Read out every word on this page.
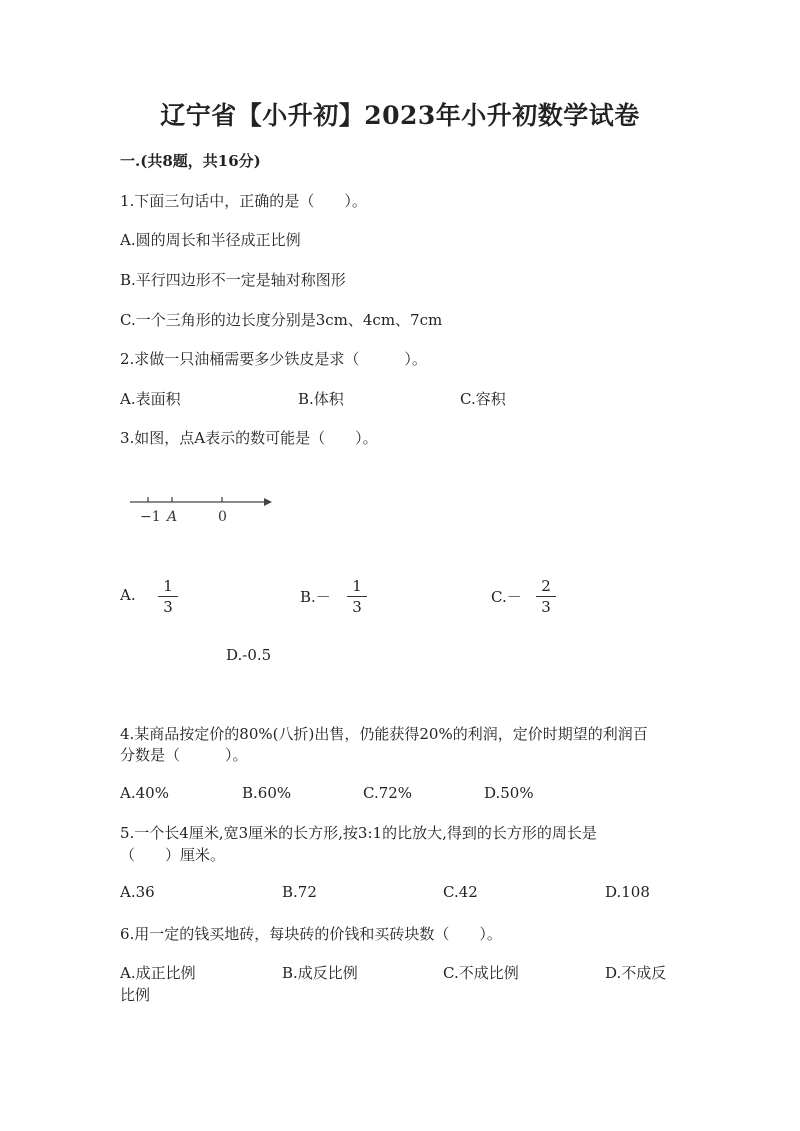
辽宁省【小升初】2023年小升初数学试卷
一.(共8题，共16分)
1.下面三句话中，正确的是（　　）。
A.圆的周长和半径成正比例
B.平行四边形不一定是轴对称图形
C.一个三角形的边长度分别是3cm、4cm、7cm
2.求做一只油桶需要多少铁皮是求（　　　）。
A.表面积	B.体积	C.容积
3.如图，点A表示的数可能是（　　）。
−1 A	0
A.	1
3
B.－
1
3
C.－
2
3
D.-0.5
4.某商品按定价的80%(八折)出售，仍能获得20%的利润，定价时期望的利润百
分数是（　　　）。
A.40%	B.60%	C.72%	D.50%
5.一个长4厘米,宽3厘米的长方形,按3:1的比放大,得到的长方形的周长是
（　　）厘米。
A.36	B.72	C.42	D.108
6.用一定的钱买地砖，每块砖的价钱和买砖块数（　　）。
A.成正比例	B.成反比例	C.不成比例	D.不成反
比例
